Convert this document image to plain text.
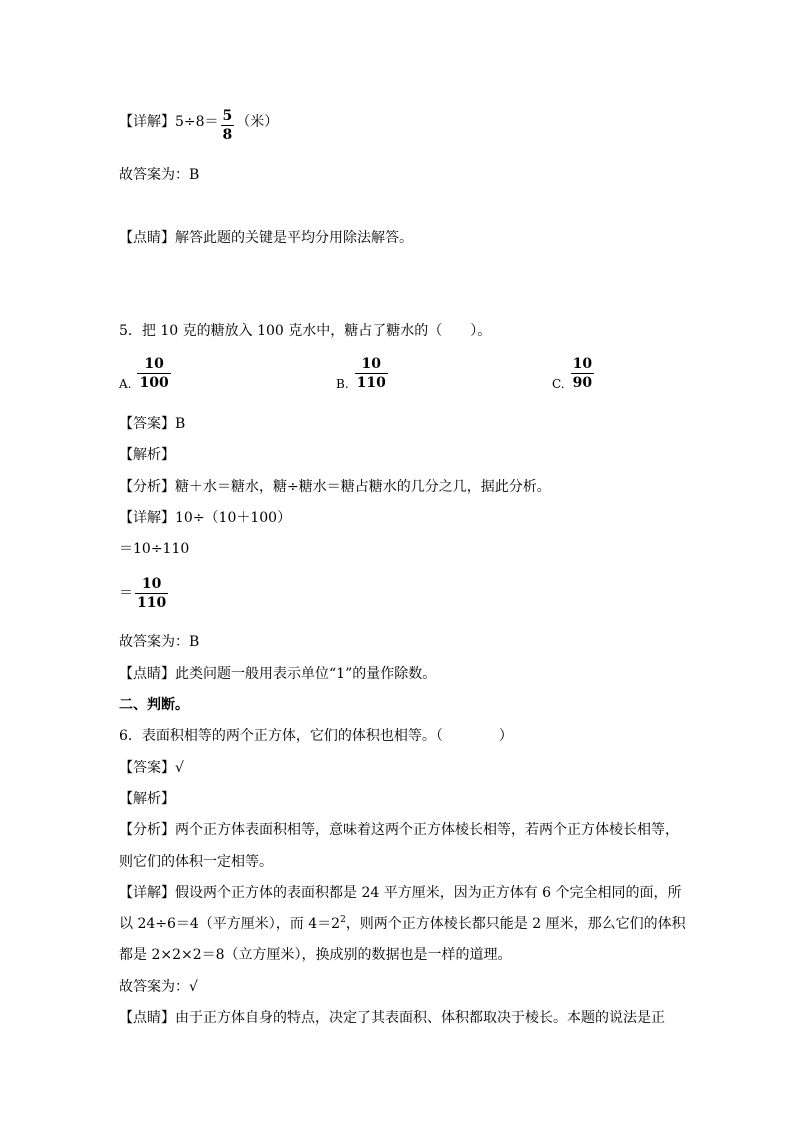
【详解】$5\div 8= \frac{5}{8}$ （米）
故答案为：B
【点睛】解答此题的关键是平均分用除法解答。
5．把 10 克的糖放入 100 克水中，糖占了糖水的（　　）。
A. $\frac{10}{100}$	B. $\frac{10}{110}$	C. $\frac{10}{90}$
【答案】B
【解析】
【分析】糖＋水＝糖水，糖÷糖水＝糖占糖水的几分之几，据此分析。
【详解】10÷（10＋100）
＝10÷110
＝ $\frac{10}{110}$
故答案为：B
【点睛】此类问题一般用表示单位“1”的量作除数。
二、判断。
6．表面积相等的两个正方体，它们的体积也相等。（　　　　）
【答案】√
【解析】
【分析】两个正方体表面积相等，意味着这两个正方体棱长相等，若两个正方体棱长相等，
则它们的体积一定相等。
【详解】假设两个正方体的表面积都是 24 平方厘米，因为正方体有 6 个完全相同的面，所
以 24÷6＝4（平方厘米），而 $4=2^2$，则两个正方体棱长都只能是 2 厘米，那么它们的体积
都是 2×2×2＝8（立方厘米），换成别的数据也是一样的道理。
故答案为：√
【点睛】由于正方体自身的特点，决定了其表面积、体积都取决于棱长。本题的说法是正
